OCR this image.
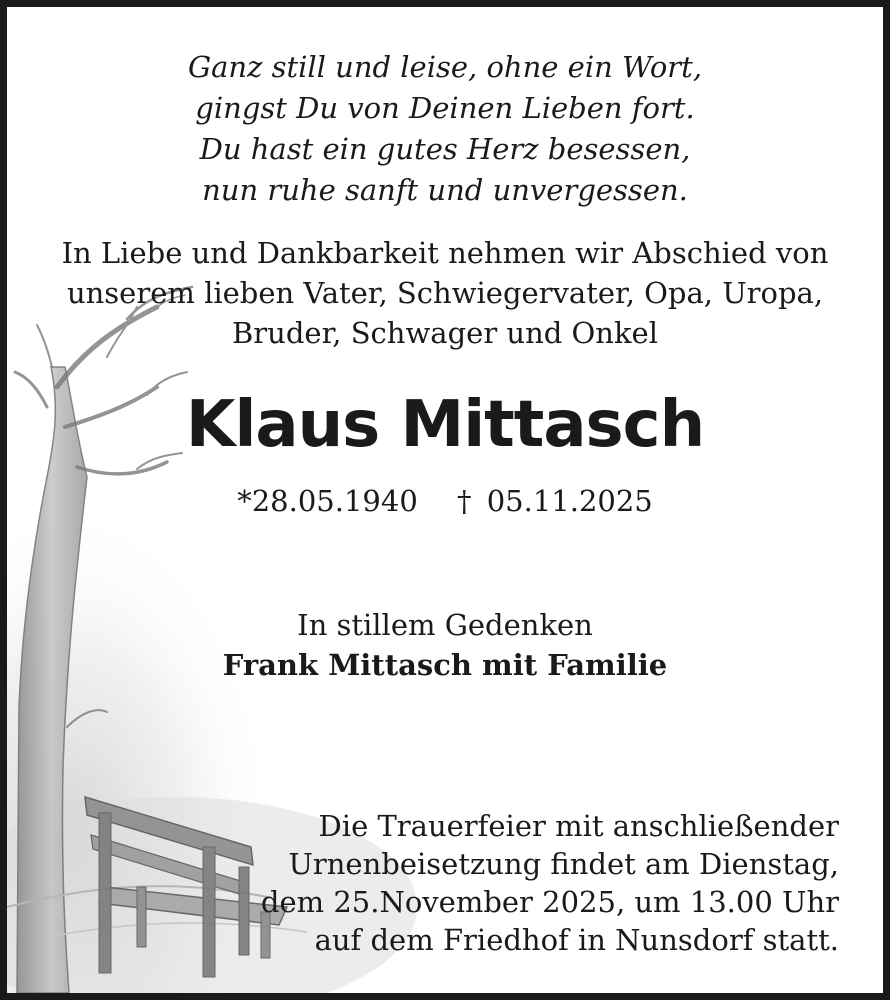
Ganz still und leise, ohne ein Wort,
gingst Du von Deinen Lieben fort.
Du hast ein gutes Herz besessen,
nun ruhe sanft und unvergessen.
In Liebe und Dankbarkeit nehmen wir Abschied von
unserem lieben Vater, Schwiegervater, Opa, Uropa,
Bruder, Schwager und Onkel
Klaus Mittasch
*28.05.1940 † 05.11.2025
In stillem Gedenken
Frank Mittasch mit Familie
Die Trauerfeier mit anschließender
Urnenbeisetzung findet am Dienstag,
dem 25.November 2025, um 13.00 Uhr
auf dem Friedhof in Nunsdorf statt.
